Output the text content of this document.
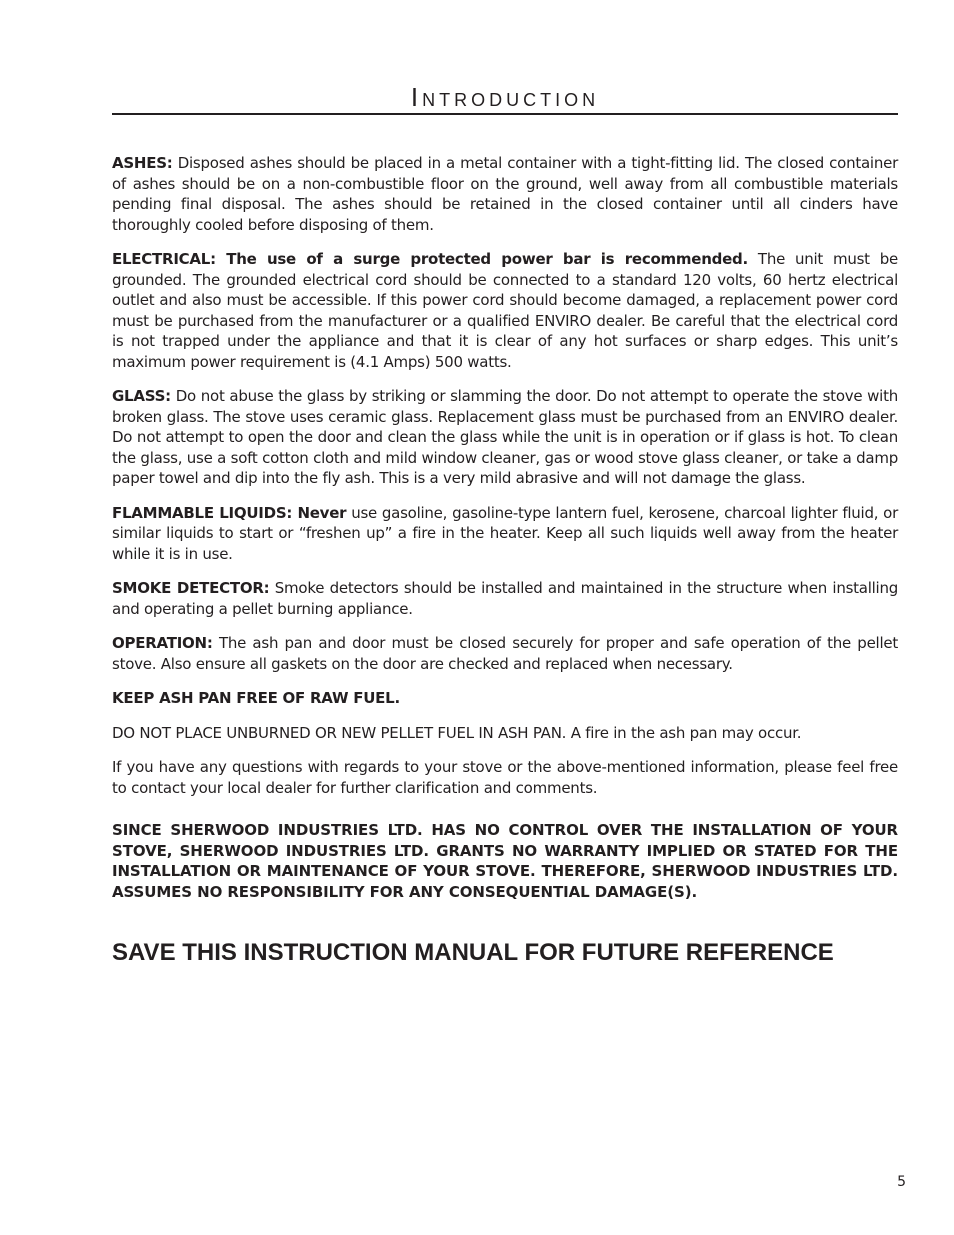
Introduction

ASHES: Disposed ashes should be placed in a metal container with a tight-fitting lid. The closed container of ashes should be on a non-combustible floor on the ground, well away from all combustible materials pending final disposal. The ashes should be retained in the closed container until all cinders have thoroughly cooled before disposing of them.

ELECTRICAL: The use of a surge protected power bar is recommended. The unit must be grounded. The grounded electrical cord should be connected to a standard 120 volts, 60 hertz electrical outlet and also must be accessible. If this power cord should become damaged, a replacement power cord must be purchased from the manufacturer or a qualified ENVIRO dealer. Be careful that the electrical cord is not trapped under the appliance and that it is clear of any hot surfaces or sharp edges. This unit’s maximum power requirement is (4.1 Amps) 500 watts.

GLASS: Do not abuse the glass by striking or slamming the door. Do not attempt to operate the stove with broken glass. The stove uses ceramic glass. Replacement glass must be purchased from an ENVIRO dealer. Do not attempt to open the door and clean the glass while the unit is in operation or if glass is hot. To clean the glass, use a soft cotton cloth and mild window cleaner, gas or wood stove glass cleaner, or take a damp paper towel and dip into the fly ash. This is a very mild abrasive and will not damage the glass.

FLAMMABLE LIQUIDS: Never use gasoline, gasoline-type lantern fuel, kerosene, charcoal lighter fluid, or similar liquids to start or “freshen up” a fire in the heater. Keep all such liquids well away from the heater while it is in use.

SMOKE DETECTOR: Smoke detectors should be installed and maintained in the structure when installing and operating a pellet burning appliance.

OPERATION: The ash pan and door must be closed securely for proper and safe operation of the pellet stove. Also ensure all gaskets on the door are checked and replaced when necessary.

KEEP ASH PAN FREE OF RAW FUEL.

DO NOT PLACE UNBURNED OR NEW PELLET FUEL IN ASH PAN. A fire in the ash pan may occur.

If you have any questions with regards to your stove or the above-mentioned information, please feel free to contact your local dealer for further clarification and comments.

SINCE SHERWOOD INDUSTRIES LTD. HAS NO CONTROL OVER THE INSTALLATION OF YOUR STOVE, SHERWOOD INDUSTRIES LTD. GRANTS NO WARRANTY IMPLIED OR STATED FOR THE INSTALLATION OR MAINTENANCE OF YOUR STOVE. THEREFORE, SHERWOOD INDUSTRIES LTD. ASSUMES NO RESPONSIBILITY FOR ANY CONSEQUENTIAL DAMAGE(S).

SAVE THIS INSTRUCTION MANUAL FOR FUTURE REFERENCE
5
